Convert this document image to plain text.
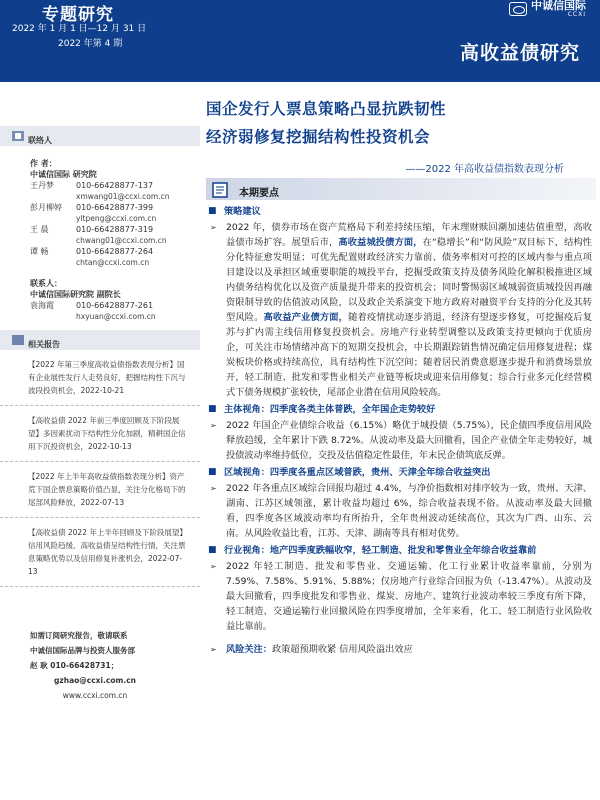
专题研究
2022 年 1 月 1 日—12 月 31 日
2022 年第 4 期
中诚信国际
CCXI
高收益债研究
国企发行人票息策略凸显抗跌韧性
经济弱修复挖掘结构性投资机会
——2022 年高收益债指数表现分析
联络人
作 者：
中诚信国际 研究院
王丹梦	010-66428877-137
xmwang01@ccxi.com.cn
彭月柳婷	010-66428877-399
yltpeng@ccxi.com.cn
王 晨	010-66428877-319
chwang01@ccxi.com.cn
谭 畅	010-66428877-264
chtan@ccxi.com.cn
联系人：
中诚信国际研究院 副院长
袁海霞	010-66428877-261
hxyuan@ccxi.com.cn
相关报告
【2022 年第三季度高收益债指数表现分析】国有企业展性发行人走势良好，把握结构性下沉与波段投资机会，2022-10-21
【高收益债 2022 年前三季度回顾及下阶段展望】多因素扰动下结构性分化加剧，精耕国企信用下沉投资机会，2022-10-13
【2022 年上半年高收益债指数表现分析】资产荒下国企票息策略价值凸显，关注分化格局下的尾部风险释放，2022-07-13
【高收益债 2022 年上半年回顾及下阶段展望】信用风险趋缓、高收益债呈结构性行情，关注票息策略优势以及信用修复补涨机会，2022-07-13
如需订阅研究报告，敬请联系
中诚信国际品牌与投资人服务部
赵 耿 010-66428731；
gzhao@ccxi.com.cn
www.ccxi.com.cn
本期要点
■ 策略建议
➢	2022 年，债券市场在资产荒格局下利差持续压缩，年末理财赎回潮加速估值重塑，高收益债市场扩容。展望后市，高收益城投债方面，在“稳增长”和“防风险”双目标下，结构性分化特征愈发明显；可优先配置财政经济实力靠前、债务率相对可控的区域内参与重点项目建设以及承担区域重要职能的城投平台，挖掘受政策支持及债务风险化解积极推进区域内债务结构优化以及资产质量提升带来的投资机会；同时警惕弱区域城弱资质城投因再融资限制导致的估值波动风险，以及政企关系演变下地方政府对融资平台支持的分化及其转型风险。高收益产业债方面，随着疫情扰动逐步消退，经济有望逐步修复，可挖掘疫后复苏与扩内需主线信用修复投资机会。房地产行业转型调整以及政策支持更倾向于优质房企，可关注市场情绪冲高下的短期交投机会，中长期跟踪销售情况确定信用修复进程；煤炭板块价格或持续高位，具有结构性下沉空间；随着居民消费意愿逐步提升和消费场景放开，轻工制造、批发和零售业相关产业链等板块或迎来信用修复；综合行业多元化经营模式下债务规模扩张较快，尾部企业潜在信用风险较高。
■ 主体视角：四季度各类主体普跌，全年国企走势较好
➢	2022 年国企产业债综合收益（6.15%）略优于城投债（5.75%），民企债四季度信用风险释放趋缓，全年累计下跌 8.72%。从波动率及最大回撤看，国企产业债全年走势较好，城投债波动率维持低位，交投及估值稳定性最佳，年末民企债筑底反弹。
■ 区域视角：四季度各重点区域普跌，贵州、天津全年综合收益突出
➢	2022 年各重点区域综合回报均超过 4.4%，与净价指数相对排序较为一致，贵州、天津、湖南、江苏区域领涨，累计收益均超过 6%，综合收益表现不俗。从波动率及最大回撤看，四季度各区域波动率均有所抬升，全年贵州波动延续高位，其次为广西、山东、云南。从风险收益比看，江苏、天津、湖南等具有相对优势。
■ 行业视角：地产四季度跌幅收窄，轻工制造、批发和零售业全年综合收益靠前
➢	2022 年轻工制造、批发和零售业、交通运输、化工行业累计收益率靠前，分别为 7.59%、7.58%、5.91%、5.88%；仅房地产行业综合回报为负（-13.47%）。从波动及最大回撤看，四季度批发和零售业、煤炭、房地产、建筑行业波动率较三季度有所下降，轻工制造、交通运输行业回撤风险在四季度增加，全年来看，化工、轻工制造行业风险收益比靠前。
➢	风险关注： 政策超预期收紧 信用风险溢出效应
